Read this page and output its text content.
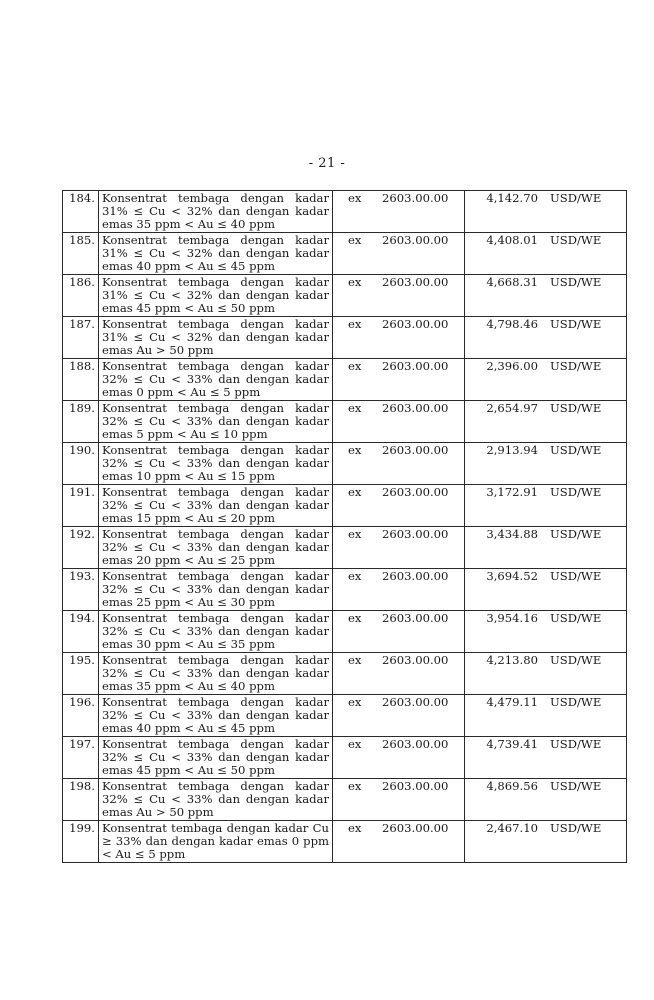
- 21 -
184.	Konsentrat tembaga dengan kadar 31% ≤ Cu < 32% dan dengan kadar emas 35 ppm < Au ≤ 40 ppm	ex 2603.00.00	4,142.70 USD/WE
185.	Konsentrat tembaga dengan kadar 31% ≤ Cu < 32% dan dengan kadar emas 40 ppm < Au ≤ 45 ppm	ex 2603.00.00	4,408.01 USD/WE
186.	Konsentrat tembaga dengan kadar 31% ≤ Cu < 32% dan dengan kadar emas 45 ppm < Au ≤ 50 ppm	ex 2603.00.00	4,668.31 USD/WE
187.	Konsentrat tembaga dengan kadar 31% ≤ Cu < 32% dan dengan kadar emas Au > 50 ppm	ex 2603.00.00	4,798.46 USD/WE
188.	Konsentrat tembaga dengan kadar 32% ≤ Cu < 33% dan dengan kadar emas 0 ppm < Au ≤ 5 ppm	ex 2603.00.00	2,396.00 USD/WE
189.	Konsentrat tembaga dengan kadar 32% ≤ Cu < 33% dan dengan kadar emas 5 ppm < Au ≤ 10 ppm	ex 2603.00.00	2,654.97 USD/WE
190.	Konsentrat tembaga dengan kadar 32% ≤ Cu < 33% dan dengan kadar emas 10 ppm < Au ≤ 15 ppm	ex 2603.00.00	2,913.94 USD/WE
191.	Konsentrat tembaga dengan kadar 32% ≤ Cu < 33% dan dengan kadar emas 15 ppm < Au ≤ 20 ppm	ex 2603.00.00	3,172.91 USD/WE
192.	Konsentrat tembaga dengan kadar 32% ≤ Cu < 33% dan dengan kadar emas 20 ppm < Au ≤ 25 ppm	ex 2603.00.00	3,434.88 USD/WE
193.	Konsentrat tembaga dengan kadar 32% ≤ Cu < 33% dan dengan kadar emas 25 ppm < Au ≤ 30 ppm	ex 2603.00.00	3,694.52 USD/WE
194.	Konsentrat tembaga dengan kadar 32% ≤ Cu < 33% dan dengan kadar emas 30 ppm < Au ≤ 35 ppm	ex 2603.00.00	3,954.16 USD/WE
195.	Konsentrat tembaga dengan kadar 32% ≤ Cu < 33% dan dengan kadar emas 35 ppm < Au ≤ 40 ppm	ex 2603.00.00	4,213.80 USD/WE
196.	Konsentrat tembaga dengan kadar 32% ≤ Cu < 33% dan dengan kadar emas 40 ppm < Au ≤ 45 ppm	ex 2603.00.00	4,479.11 USD/WE
197.	Konsentrat tembaga dengan kadar 32% ≤ Cu < 33% dan dengan kadar emas 45 ppm < Au ≤ 50 ppm	ex 2603.00.00	4,739.41 USD/WE
198.	Konsentrat tembaga dengan kadar 32% ≤ Cu < 33% dan dengan kadar emas Au > 50 ppm	ex 2603.00.00	4,869.56 USD/WE
199.	Konsentrat tembaga dengan kadar Cu ≥ 33% dan dengan kadar emas 0 ppm < Au ≤ 5 ppm	ex 2603.00.00	2,467.10 USD/WE
